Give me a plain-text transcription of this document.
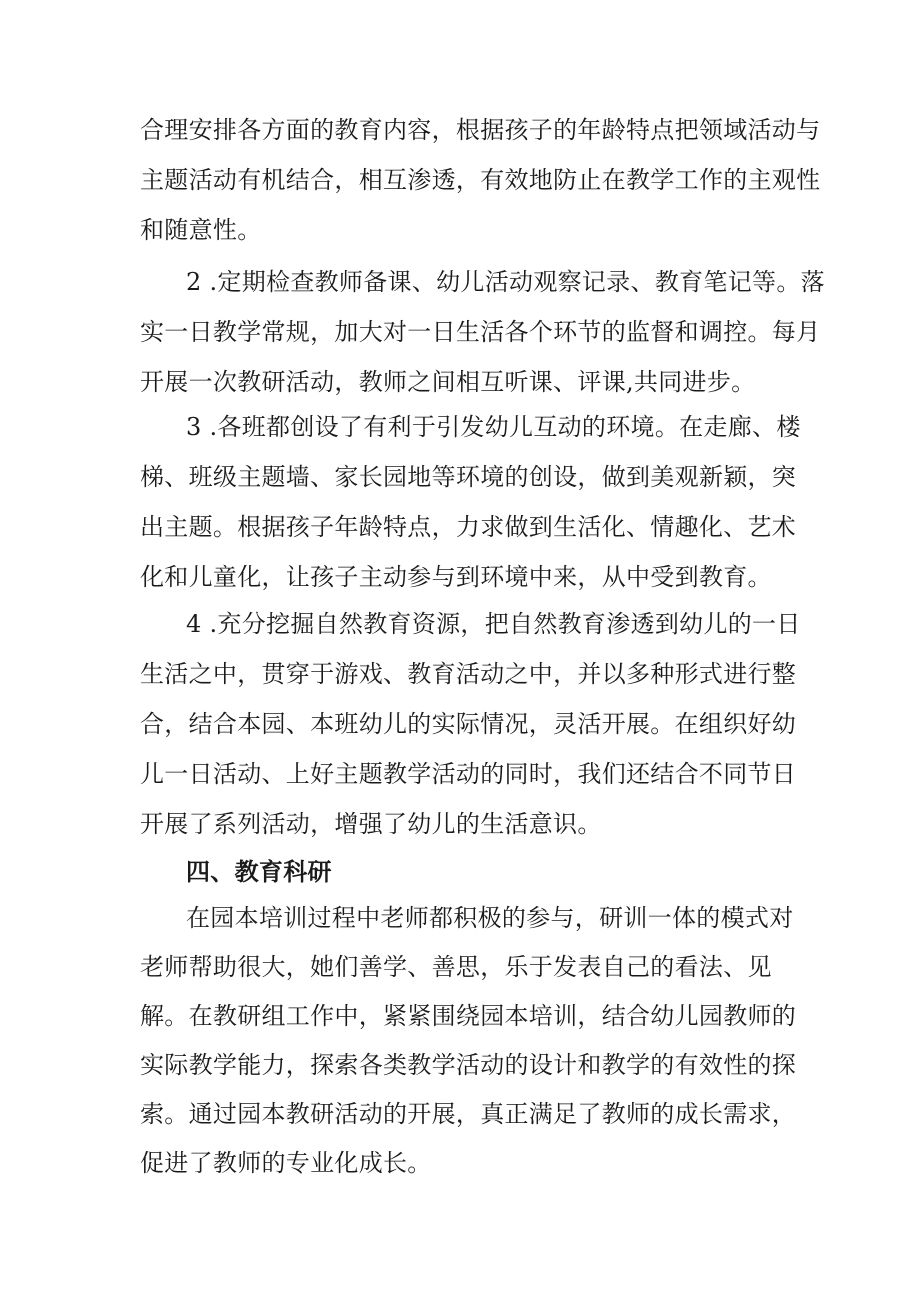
合理安排各方面的教育内容，根据孩子的年龄特点把领域活动与
主题活动有机结合，相互渗透，有效地防止在教学工作的主观性
和随意性。
2 .定期检查教师备课、幼儿活动观察记录、教育笔记等。落
实一日教学常规，加大对一日生活各个环节的监督和调控。每月
开展一次教研活动，教师之间相互听课、评课,共同进步。
3 .各班都创设了有利于引发幼儿互动的环境。在走廊、楼
梯、班级主题墙、家长园地等环境的创设，做到美观新颖，突
出主题。根据孩子年龄特点，力求做到生活化、情趣化、艺术
化和儿童化，让孩子主动参与到环境中来，从中受到教育。
4 .充分挖掘自然教育资源，把自然教育渗透到幼儿的一日
生活之中，贯穿于游戏、教育活动之中，并以多种形式进行整
合，结合本园、本班幼儿的实际情况，灵活开展。在组织好幼
儿一日活动、上好主题教学活动的同时，我们还结合不同节日
开展了系列活动，增强了幼儿的生活意识。
四、教育科研
在园本培训过程中老师都积极的参与，研训一体的模式对
老师帮助很大，她们善学、善思，乐于发表自己的看法、见
解。在教研组工作中，紧紧围绕园本培训，结合幼儿园教师的
实际教学能力，探索各类教学活动的设计和教学的有效性的探
索。通过园本教研活动的开展，真正满足了教师的成长需求，
促进了教师的专业化成长。
